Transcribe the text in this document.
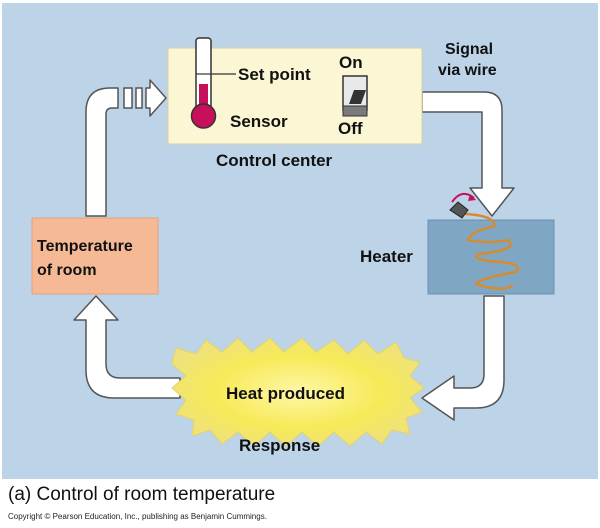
Set point
Sensor
On
Off
Control center
Signal
via wire
Heater
Temperature
of room
Heat produced
Response
(a) Control of room temperature
Copyright © Pearson Education, Inc., publishing as Benjamin Cummings.
